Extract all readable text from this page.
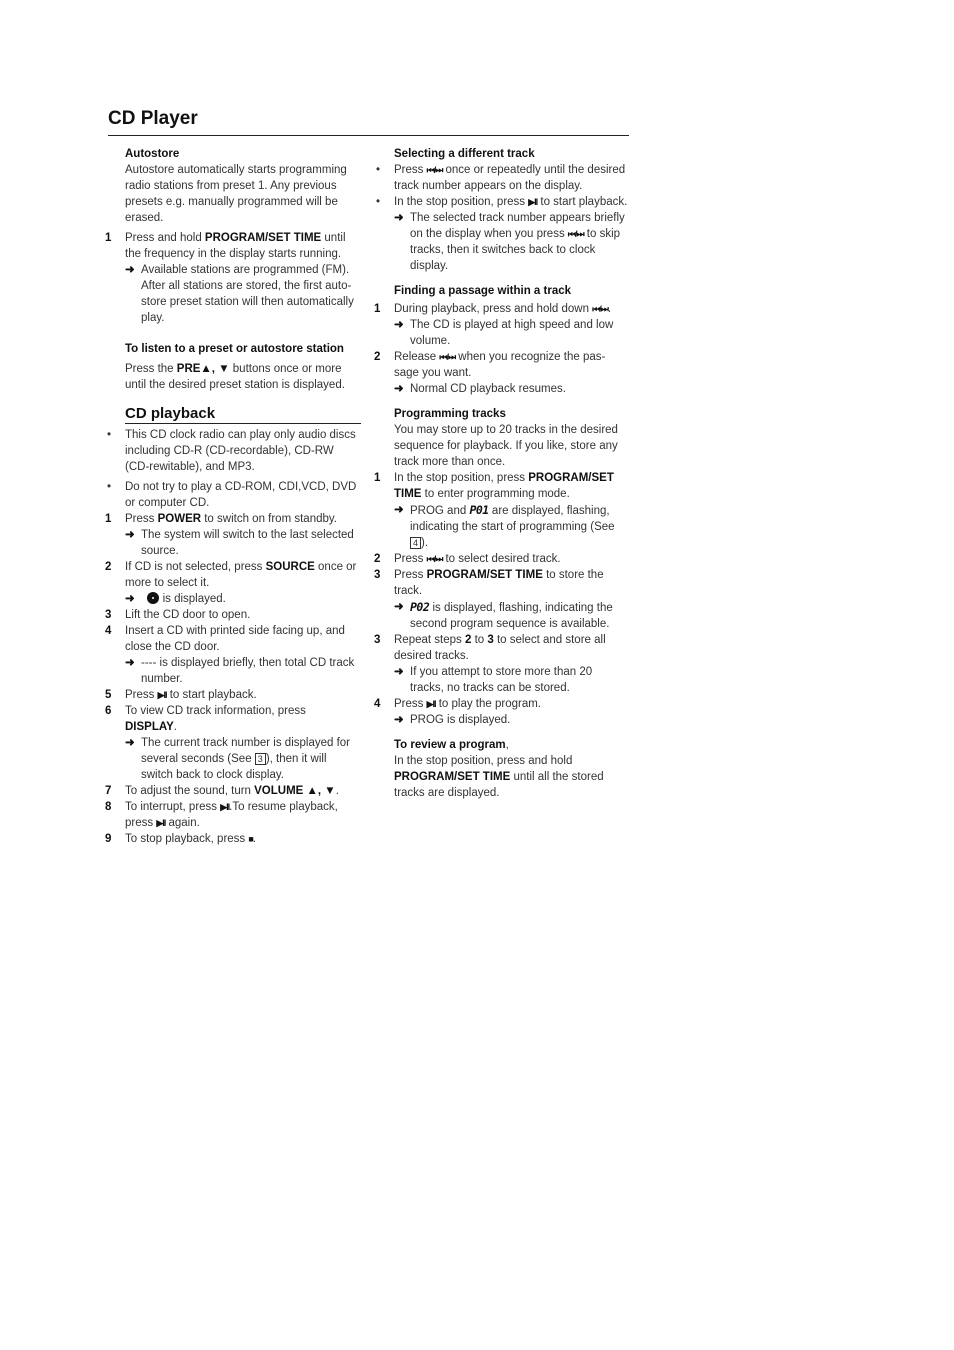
CD Player
Autostore
Autostore automatically starts programming radio stations from preset 1. Any previous presets e.g. manually programmed will be erased.
1 Press and hold PROGRAM/SET TIME until the frequency in the display starts running.
➜ Available stations are programmed (FM). After all stations are stored, the first auto-store preset station will then automatically play.
To listen to a preset or autostore station
Press the PRE▲, ▼ buttons once or more until the desired preset station is displayed.
CD playback
• This CD clock radio can play only audio discs including CD-R (CD-recordable), CD-RW (CD-rewitable), and MP3.
• Do not try to play a CD-ROM, CDI,VCD, DVD or computer CD.
1 Press POWER to switch on from standby.
➜ The system will switch to the last selected source.
2 If CD is not selected, press SOURCE once or more to select it.
➜ is displayed.
3 Lift the CD door to open.
4 Insert a CD with printed side facing up, and close the CD door.
➜ ---- is displayed briefly, then total CD track number.
5 Press ▶II to start playback.
6 To view CD track information, press DISPLAY.
➜ The current track number is displayed for several seconds (See 3 ), then it will switch back to clock display.
7 To adjust the sound, turn VOLUME ▲, ▼.
8 To interrupt, press ▶II.To resume playback, press ▶II again.
9 To stop playback, press ■.
Selecting a different track
• Press ⏮/⏭ once or repeatedly until the desired track number appears on the display.
• In the stop position, press ▶II to start playback.
➜ The selected track number appears briefly on the display when you press ⏮/⏭ to skip tracks, then it switches back to clock display.
Finding a passage within a track
1 During playback, press and hold down ⏮/⏭.
➜ The CD is played at high speed and low volume.
2 Release ⏮/⏭ when you recognize the pas-sage you want.
➜ Normal CD playback resumes.
Programming tracks
You may store up to 20 tracks in the desired sequence for playback. If you like, store any track more than once.
1 In the stop position, press PROGRAM/SET TIME to enter programming mode.
➜ PROG and P01 are displayed, flashing, indicating the start of programming (See 4 ).
2 Press ⏮/⏭ to select desired track.
3 Press PROGRAM/SET TIME to store the track.
➜ P02 is displayed, flashing, indicating the second program sequence is available.
3 Repeat steps 2 to 3 to select and store all desired tracks.
➜ If you attempt to store more than 20 tracks, no tracks can be stored.
4 Press ▶II to play the program.
➜ PROG is displayed.
To review a program,
In the stop position, press and hold PROGRAM/SET TIME until all the stored tracks are displayed.
